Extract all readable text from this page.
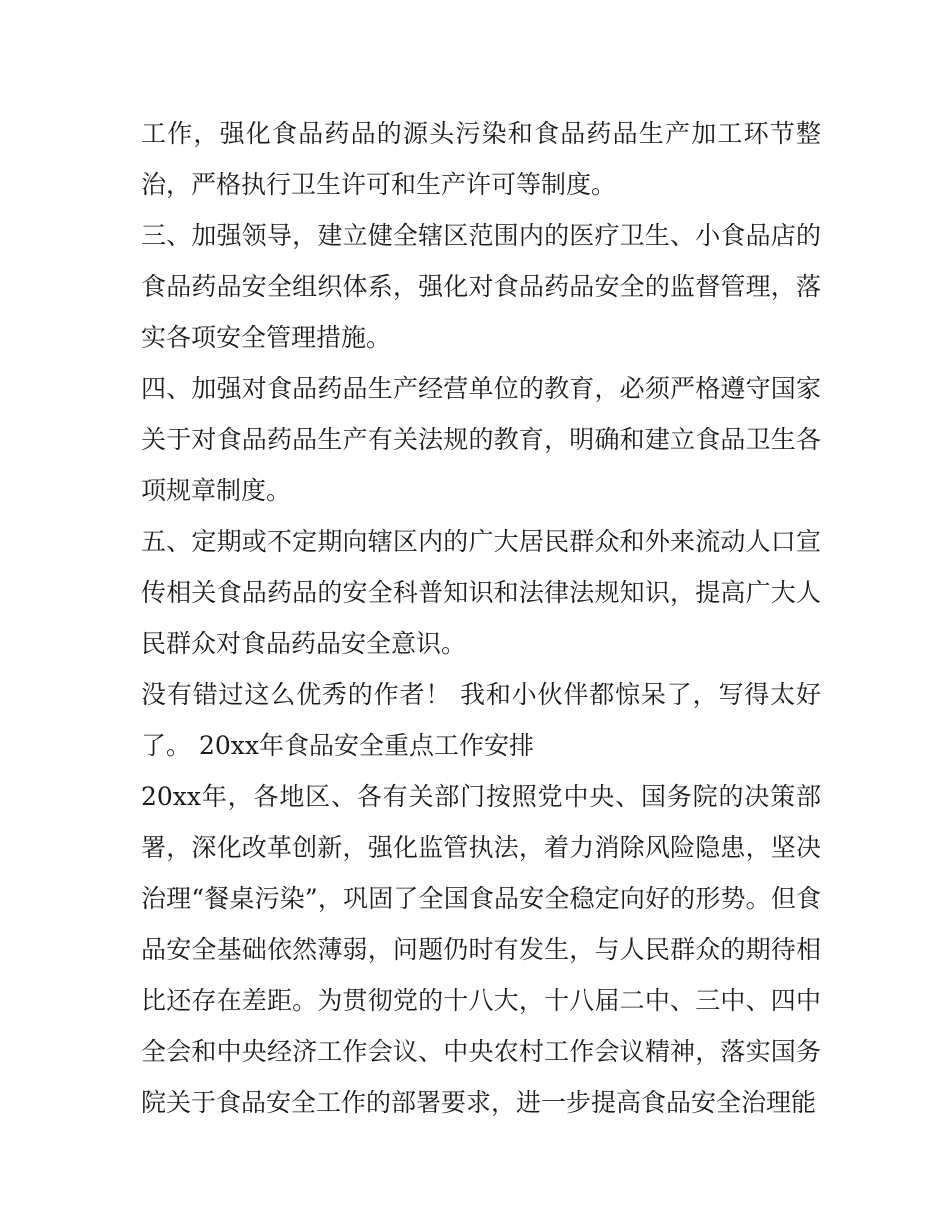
工作，强化食品药品的源头污染和食品药品生产加工环节整治，严格执行卫生许可和生产许可等制度。

三、加强领导，建立健全辖区范围内的医疗卫生、小食品店的食品药品安全组织体系，强化对食品药品安全的监督管理，落实各项安全管理措施。

四、加强对食品药品生产经营单位的教育，必须严格遵守国家关于对食品药品生产有关法规的教育，明确和建立食品卫生各项规章制度。

五、定期或不定期向辖区内的广大居民群众和外来流动人口宣传相关食品药品的安全科普知识和法律法规知识，提高广大人民群众对食品药品安全意识。

没有错过这么优秀的作者！ 我和小伙伴都惊呆了，写得太好了。 20xx年食品安全重点工作安排

20xx年，各地区、各有关部门按照党中央、国务院的决策部署，深化改革创新，强化监管执法，着力消除风险隐患，坚决治理“餐桌污染”，巩固了全国食品安全稳定向好的形势。但食品安全基础依然薄弱，问题仍时有发生，与人民群众的期待相比还存在差距。为贯彻党的十八大，十八届二中、三中、四中全会和中央经济工作会议、中央农村工作会议精神，落实国务院关于食品安全工作的部署要求，进一步提高食品安全治理能
